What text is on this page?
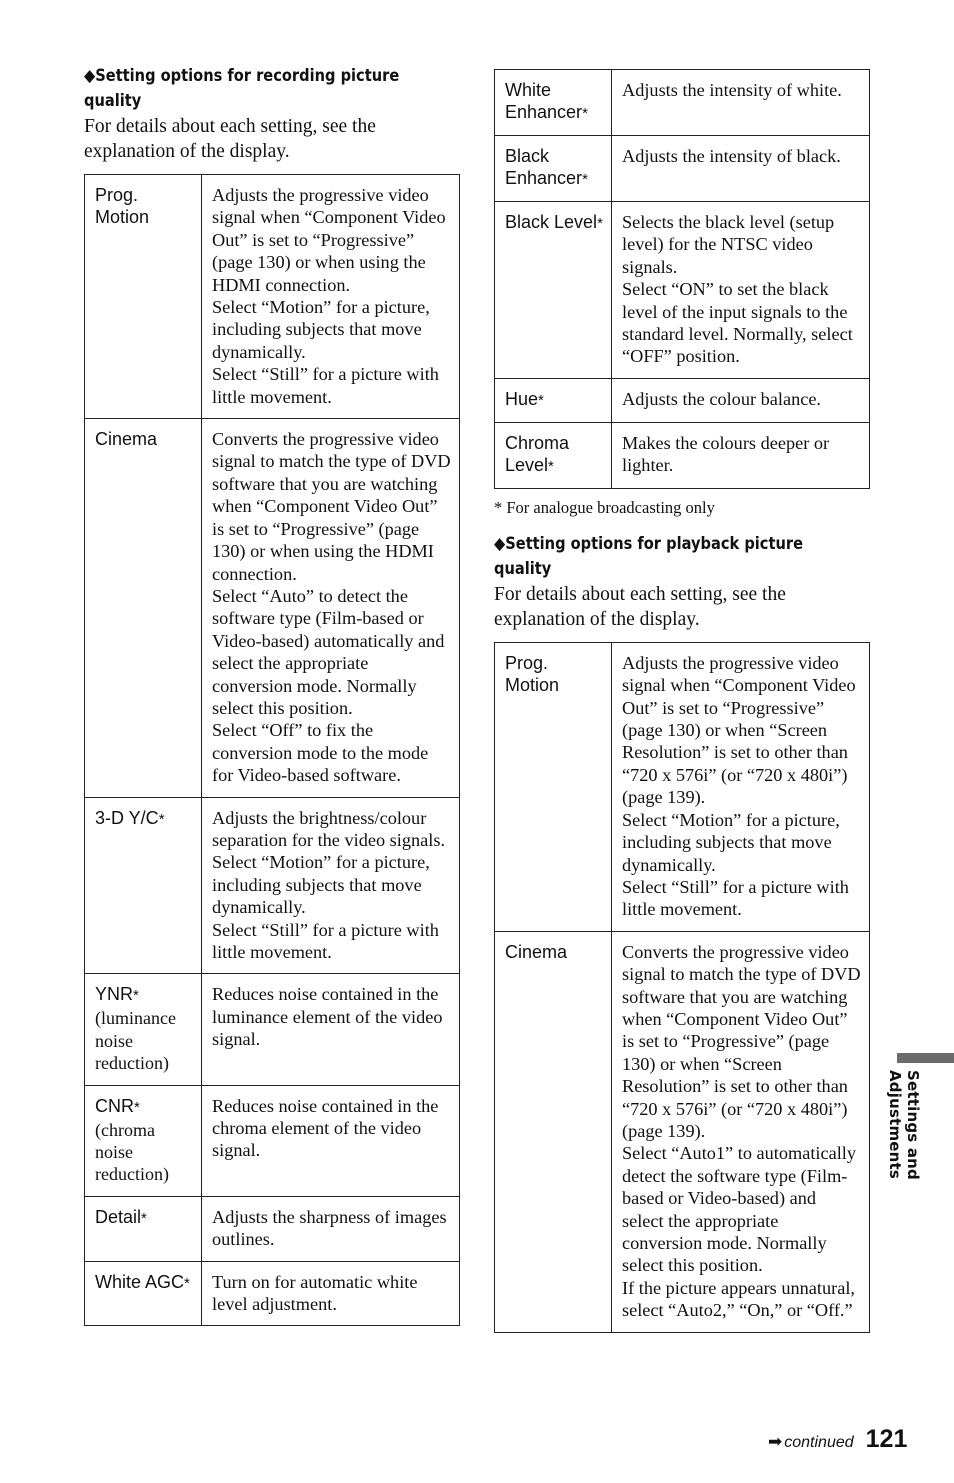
◆Setting options for recording picture quality

For details about each setting, see the explanation of the display.

Prog. Motion	Adjusts the progressive video signal when “Component Video Out” is set to “Progressive” (page 130) or when using the HDMI connection.
Select “Motion” for a picture, including subjects that move dynamically.
Select “Still” for a picture with little movement.

Cinema	Converts the progressive video signal to match the type of DVD software that you are watching when “Component Video Out” is set to “Progressive” (page 130) or when using the HDMI connection.
Select “Auto” to detect the software type (Film-based or Video-based) automatically and select the appropriate conversion mode. Normally select this position.
Select “Off” to fix the conversion mode to the mode for Video-based software.

3-D Y/C*	Adjusts the brightness/colour separation for the video signals.
Select “Motion” for a picture, including subjects that move dynamically.
Select “Still” for a picture with little movement.

YNR*
(luminance noise reduction)	Reduces noise contained in the luminance element of the video signal.

CNR*
(chroma noise reduction)	Reduces noise contained in the chroma element of the video signal.

Detail*	Adjusts the sharpness of images outlines.

White AGC*	Turn on for automatic white level adjustment.
White Enhancer*	Adjusts the intensity of white.

Black Enhancer*	Adjusts the intensity of black.

Black Level*	Selects the black level (setup level) for the NTSC video signals.
Select “ON” to set the black level of the input signals to the standard level. Normally, select “OFF” position.

Hue*	Adjusts the colour balance.

Chroma Level*	Makes the colours deeper or lighter.

* For analogue broadcasting only

◆Setting options for playback picture quality

For details about each setting, see the explanation of the display.

Prog. Motion	Adjusts the progressive video signal when “Component Video Out” is set to “Progressive” (page 130) or when “Screen Resolution” is set to other than “720 x 576i” (or “720 x 480i”) (page 139).
Select “Motion” for a picture, including subjects that move dynamically.
Select “Still” for a picture with little movement.

Cinema	Converts the progressive video signal to match the type of DVD software that you are watching when “Component Video Out” is set to “Progressive” (page 130) or when “Screen Resolution” is set to other than “720 x 576i” (or “720 x 480i”) (page 139).
Select “Auto1” to automatically detect the software type (Film-based or Video-based) and select the appropriate conversion mode. Normally select this position.
If the picture appears unnatural, select “Auto2,” “On,” or “Off.”
Settings and Adjustments
➡ continued 121
